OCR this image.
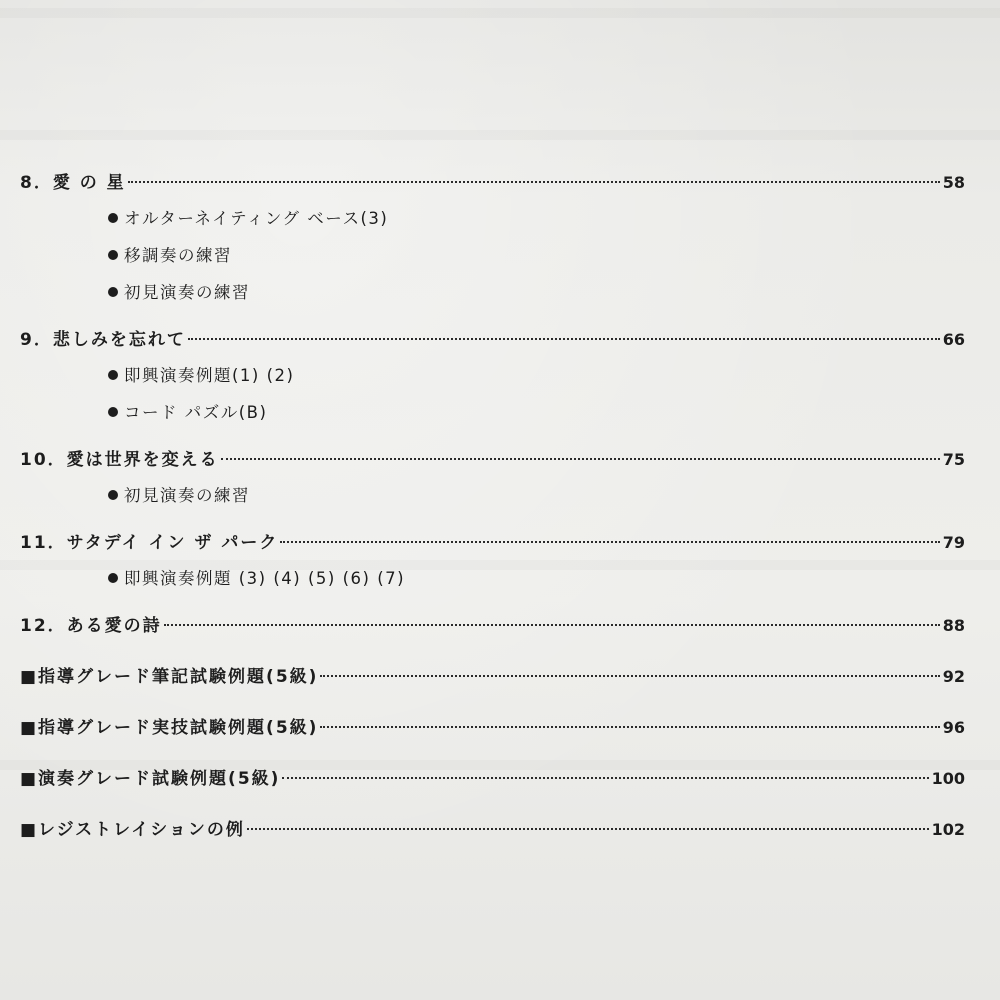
8．愛 の 星	58
オルターネイティング ベース(3)
移調奏の練習
初見演奏の練習
9．悲しみを忘れて	66
即興演奏例題(1) (2)
コード パズル(B)
10．愛は世界を変える	75
初見演奏の練習
11．サタデイ イン ザ パーク	79
即興演奏例題 (3) (4) (5) (6) (7)
12．ある愛の詩	88
■指導グレード筆記試験例題(5級)	92
■指導グレード実技試験例題(5級)	96
■演奏グレード試験例題(5級)	100
■レジストレイションの例	102
